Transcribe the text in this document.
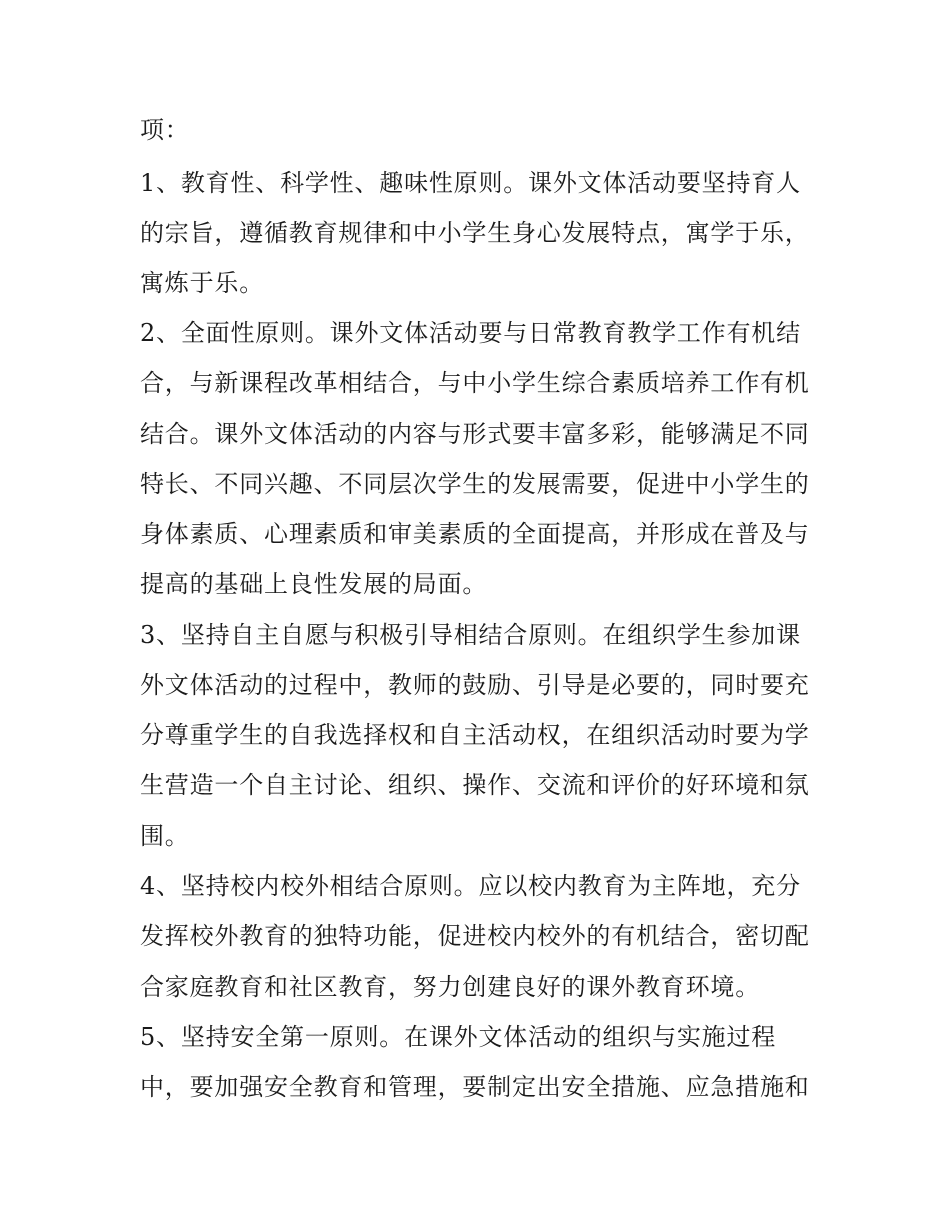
项：
1、教育性、科学性、趣味性原则。课外文体活动要坚持育人
的宗旨，遵循教育规律和中小学生身心发展特点，寓学于乐，
寓炼于乐。
2、全面性原则。课外文体活动要与日常教育教学工作有机结
合，与新课程改革相结合，与中小学生综合素质培养工作有机
结合。课外文体活动的内容与形式要丰富多彩，能够满足不同
特长、不同兴趣、不同层次学生的发展需要，促进中小学生的
身体素质、心理素质和审美素质的全面提高，并形成在普及与
提高的基础上良性发展的局面。
3、坚持自主自愿与积极引导相结合原则。在组织学生参加课
外文体活动的过程中，教师的鼓励、引导是必要的，同时要充
分尊重学生的自我选择权和自主活动权，在组织活动时要为学
生营造一个自主讨论、组织、操作、交流和评价的好环境和氛
围。
4、坚持校内校外相结合原则。应以校内教育为主阵地，充分
发挥校外教育的独特功能，促进校内校外的有机结合，密切配
合家庭教育和社区教育，努力创建良好的课外教育环境。
5、坚持安全第一原则。在课外文体活动的组织与实施过程
中，要加强安全教育和管理，要制定出安全措施、应急措施和
